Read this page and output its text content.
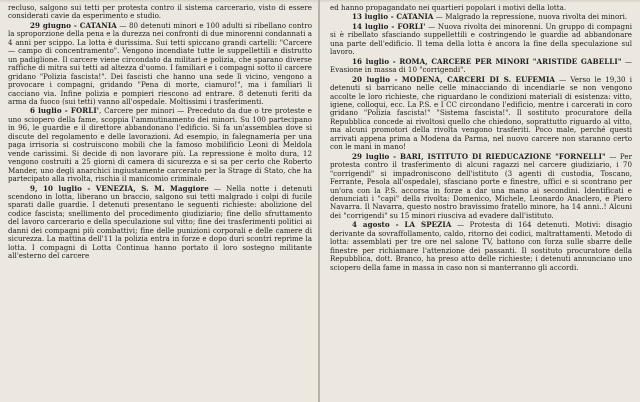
recluso, salgono sui tetti per protesta contro il sistema carcerario, visto di essere considerati cavie da esperimento e studio.

29 giugno - CATANIA — 80 detenuti minori e 100 adulti si ribellano contro la sproporzione della pena e la durezza nei confronti di due minorenni condannati a 4 anni per scippo. La lotta è durissima. Sui tetti spiccano grandi cartelli: "Carcere — campo di concentramento". Vengono incendiate tutte le suppellettili e distrutto un padiglione. Il carcere viene circondato da militari e polizia, che sparano diverse raffiche di mitra sui tetti ad altezza d'uomo. I familiari e i compagni sotto il carcere gridano "Polizia fascista!". Dei fascisti che hanno una sede lì vicino, vengono a provocare i compagni, gridando "Pena di morte, ciamuro!", ma i familiari li cacciano via. Infine polizia e pompieri riescono ad entrare. 8 detenuti feriti da arma da fuoco (sui tetti) vanno all'ospedale. Moltissimi i trasferimenti.

6 luglio - FORLI', Carcere per minori — Preceduto da due o tre proteste e uno sciopero della fame, scoppia l'ammutinamento dei minori. Su 100 partecipano in 96, le guardie e il direttore abbandonano l'edificio. Si fa un'assemblea dove si discute del regolamento e delle lavorazioni. Ad esempio, in falegnameria per una paga irrisoria si costruiscono mobili che la famoso mobilificio Leoni di Meldola vende carissimi. Si decide di non lavorare più. La repressione è molto dura, 12 vengono costruiti a 25 giorni di camera di sicurezza e si sa per certo che Roberto Mander, uno degli anarchici ingiustamente carcerato per la Strage di Stato, che ha partecipato alla rivolta, rischia il manicomio criminale.

9, 10 luglio - VENEZIA, S. M. Maggiore — Nella notte i detenuti scendono in lotta, liberano un braccio, salgono sui tetti malgrado i colpi di fucile sparati dalle guardie. I detenuti presentano le seguenti richieste: abolizione del codice fascista; snellimento del procedimento giudiziario; fine dello sfruttamento del lavoro carcerario e della speculazione sul vitto; fine dei trasferimenti politici ai danni dei compagni più combattivi; fine delle punizioni corporali e delle camere di sicurezza. La mattina dell'11 la polizia entra in forze e dopo duri scontri reprime la lotta. I compagni di Lotta Continua hanno portato il loro sostegno militante all'esterno del carcere

ed hanno propagandato nei quartieri popolari i motivi della lotta.

13 luglio - CATANIA — Malgrado la repressione, nuova rivolta dei minori.

14 luglio - FORLI' — Nuova rivolta dei minorenni. Un gruppo di compagni si è ribellato sfasciando suppellettili e costringendo le guardie ad abbandonare una parte dell'edificio. Il tema della lotta è ancora la fine della speculazione sul lavoro.

16 luglio - ROMA, CARCERE PER MINORI "ARISTIDE GABELLI" — Evasione in massa di 10 "corrigendi".

20 luglio - MODENA, CARCERI DI S. EUFEMIA — Verso le 19,30 i detenuti si barricano nelle celle minacciando di incendiarle se non vengono accolte le loro richieste, che riguardano le condizioni materiali di esistenza: vitto, igiene, colloqui, ecc. La P.S. e I CC circondano l'edificio, mentre i carcerati in coro gridano "Polizia fascista!" "Sistema fascista!". Il sostituto procuratore della Repubblica concede ai rivoltosi quello che chiedono, soprattutto riguardo al vitto, ma alcuni promotori della rivolta vengono trasferiti. Poco male, perché questi arrivati appena prima a Modena da Parma, nel nuovo carcere non staranno certo con le mani in mano!

29 luglio - BARI, ISTITUTO DI RIEDUCAZIONE "FORNELLI" — Per protesta contro il trasferimento di alcuni ragazzi nel carcere giudiziario, i 70 "corrigendi" si impadroniscono dell'istituto (3 agenti di custodia, Toscano, Ferrante, Pesola all'ospedale), sfasciano porte e finestre, uffici e si scontrano per un'ora con la P.S. accorsa in forze a dar una mano ai secondini. Identificati e denunciati i "capi" della rivolta: Domenico, Michele, Leonardo Anaclero, e Piero Navarra. Il Navarra, questo nostro bravissimo fratello minore, ha 14 anni..! Alcuni dei "corrigendi" su 15 minori riusciva ad evadere dall'istituto.

4 agosto - LA SPEZIA — Protesta di 164 detenuti. Motivi: disagio derivante da sovraffollamento, caldo, ritorno dei codici, maltrattamenti. Metodo di lotta: assemblati per tre ore nel salone TV, battono con forza sulle sbarre delle finestre per richiamare l'attenzione dei passanti. Il sostituto procuratore della Repubblica, dott. Branco, ha preso atto delle richieste; i detenuti annunciano uno sciopero della fame in massa in caso non si manterranno gli accordi.
